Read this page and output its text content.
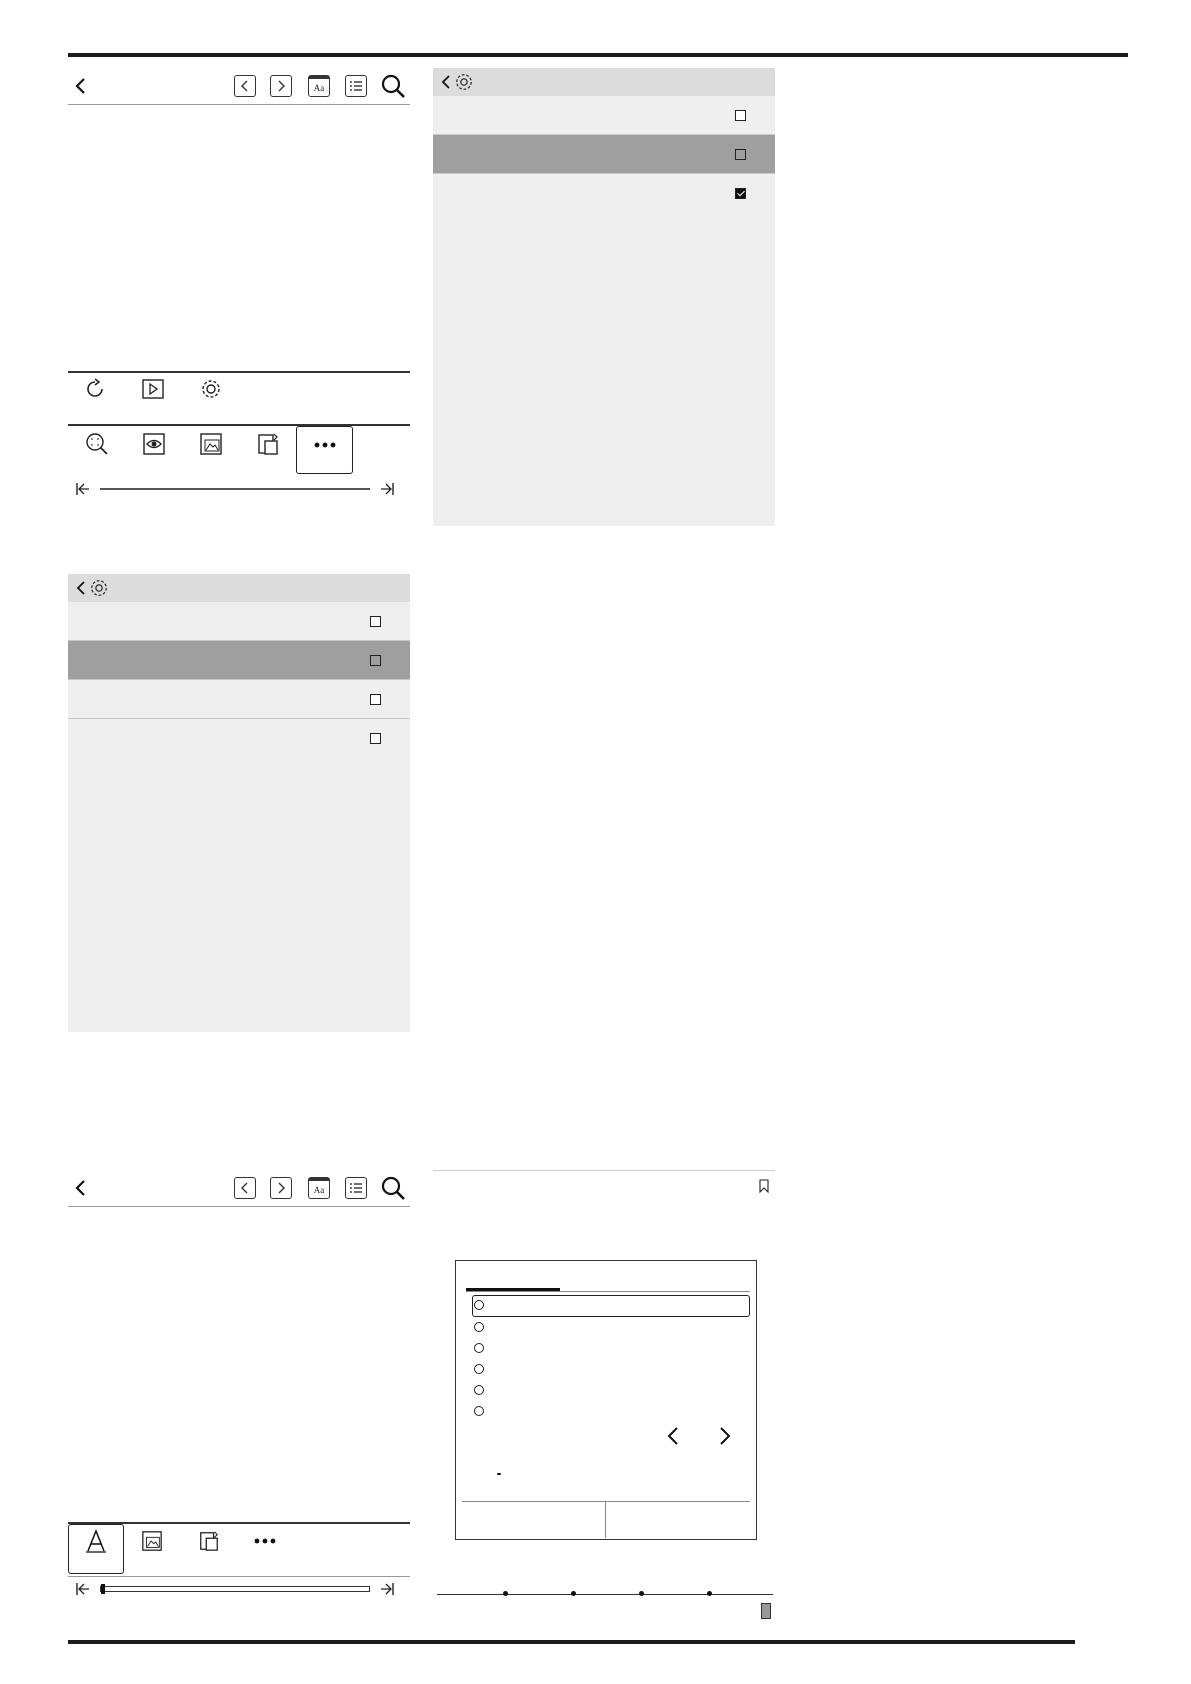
Aa
Aa
